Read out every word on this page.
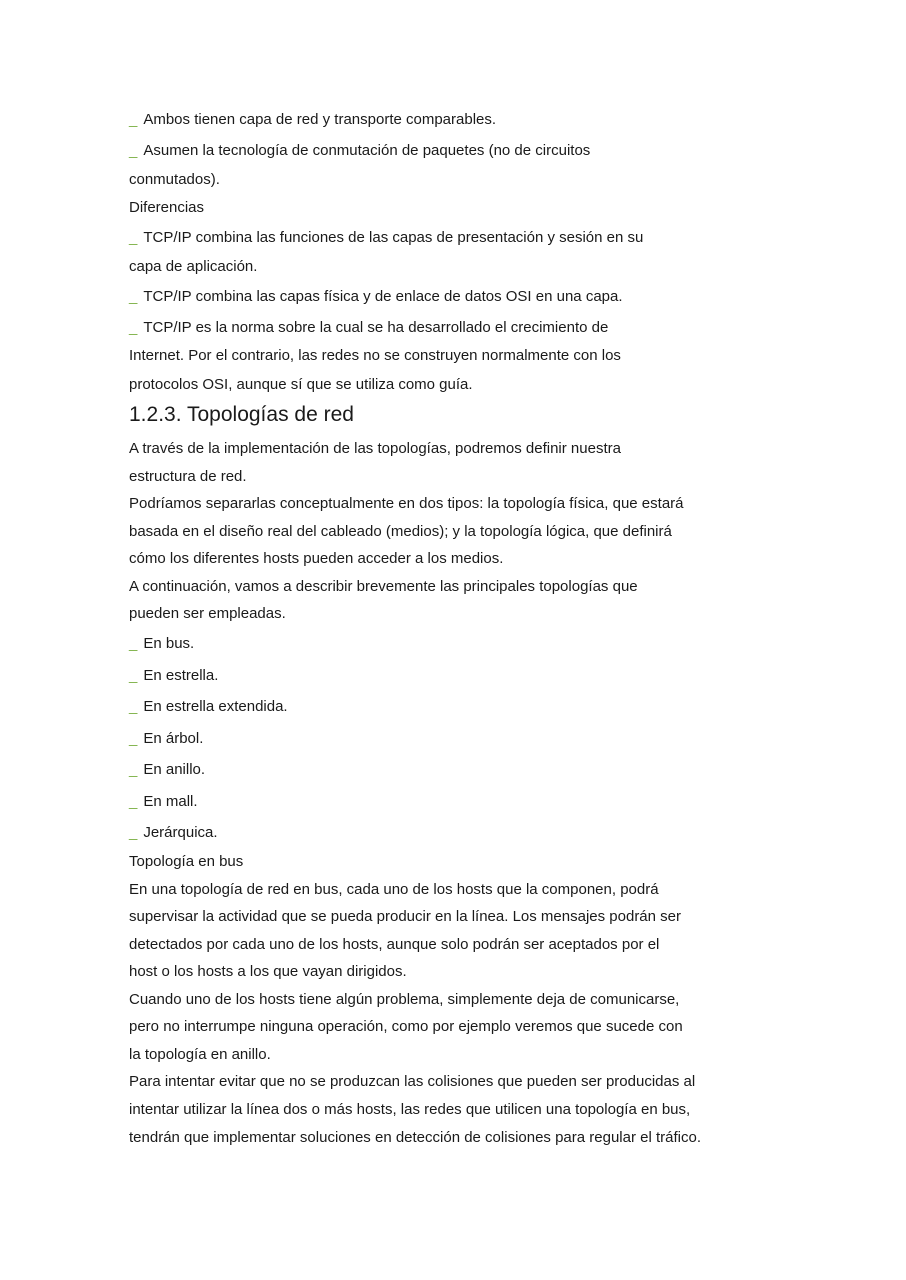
_ Ambos tienen capa de red y transporte comparables.

_ Asumen la tecnología de conmutación de paquetes (no de circuitos

conmutados).

Diferencias

_ TCP/IP combina las funciones de las capas de presentación y sesión en su

capa de aplicación.

_ TCP/IP combina las capas física y de enlace de datos OSI en una capa.

_ TCP/IP es la norma sobre la cual se ha desarrollado el crecimiento de

Internet. Por el contrario, las redes no se construyen normalmente con los

protocolos OSI, aunque sí que se utiliza como guía.

1.2.3. Topologías de red

A través de la implementación de las topologías, podremos definir nuestra

estructura de red.

Podríamos separarlas conceptualmente en dos tipos: la topología física, que estará

basada en el diseño real del cableado (medios); y la topología lógica, que definirá

cómo los diferentes hosts pueden acceder a los medios.

A continuación, vamos a describir brevemente las principales topologías que

pueden ser empleadas.

_ En bus.

_ En estrella.

_ En estrella extendida.

_ En árbol.

_ En anillo.

_ En mall.

_ Jerárquica.

Topología en bus

En una topología de red en bus, cada uno de los hosts que la componen, podrá

supervisar la actividad que se pueda producir en la línea. Los mensajes podrán ser

detectados por cada uno de los hosts, aunque solo podrán ser aceptados por el

host o los hosts a los que vayan dirigidos.

Cuando uno de los hosts tiene algún problema, simplemente deja de comunicarse,

pero no interrumpe ninguna operación, como por ejemplo veremos que sucede con

la topología en anillo.

Para intentar evitar que no se produzcan las colisiones que pueden ser producidas al

intentar utilizar la línea dos o más hosts, las redes que utilicen una topología en bus,

tendrán que implementar soluciones en detección de colisiones para regular el tráfico.
